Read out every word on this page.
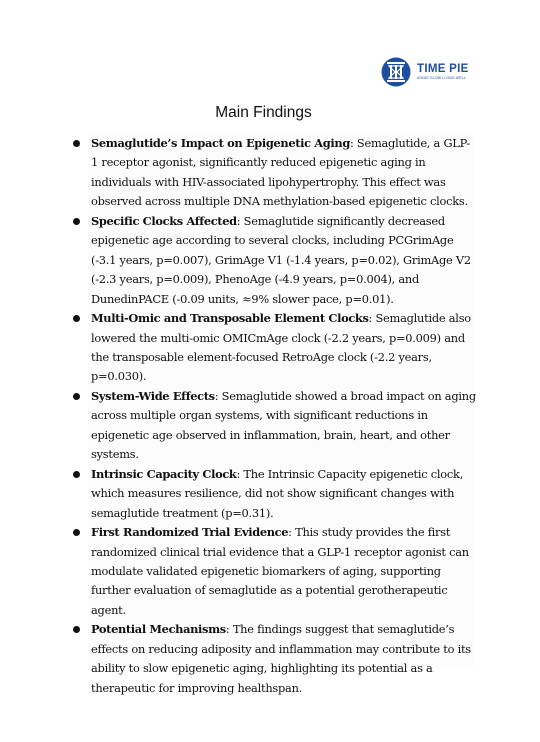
TIME PIE
AGING SLOW LIVING WELL
Main Findings
Semaglutide’s Impact on Epigenetic Aging: Semaglutide, a GLP-1 receptor agonist, significantly reduced epigenetic aging in individuals with HIV-associated lipohypertrophy. This effect was observed across multiple DNA methylation-based epigenetic clocks.
Specific Clocks Affected: Semaglutide significantly decreased epigenetic age according to several clocks, including PCGrimAge (-3.1 years, p=0.007), GrimAge V1 (-1.4 years, p=0.02), GrimAge V2 (-2.3 years, p=0.009), PhenoAge (-4.9 years, p=0.004), and DunedinPACE (-0.09 units, ≈9% slower pace, p=0.01).
Multi-Omic and Transposable Element Clocks: Semaglutide also lowered the multi-omic OMICmAge clock (-2.2 years, p=0.009) and the transposable element-focused RetroAge clock (-2.2 years, p=0.030).
System-Wide Effects: Semaglutide showed a broad impact on aging across multiple organ systems, with significant reductions in epigenetic age observed in inflammation, brain, heart, and other systems.
Intrinsic Capacity Clock: The Intrinsic Capacity epigenetic clock, which measures resilience, did not show significant changes with semaglutide treatment (p=0.31).
First Randomized Trial Evidence: This study provides the first randomized clinical trial evidence that a GLP-1 receptor agonist can modulate validated epigenetic biomarkers of aging, supporting further evaluation of semaglutide as a potential gerotherapeutic agent.
Potential Mechanisms: The findings suggest that semaglutide’s effects on reducing adiposity and inflammation may contribute to its ability to slow epigenetic aging, highlighting its potential as a therapeutic for improving healthspan.
